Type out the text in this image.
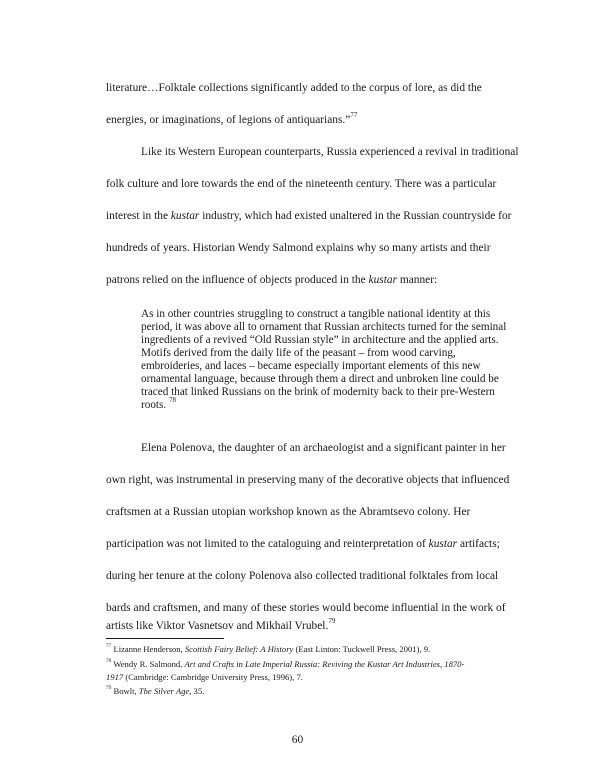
literature…Folktale collections significantly added to the corpus of lore, as did the
energies, or imaginations, of legions of antiquarians.”$^{77}$
Like its Western European counterparts, Russia experienced a revival in traditional
folk culture and lore towards the end of the nineteenth century. There was a particular
interest in the kustar industry, which had existed unaltered in the Russian countryside for
hundreds of years. Historian Wendy Salmond explains why so many artists and their
patrons relied on the influence of objects produced in the kustar manner:
As in other countries struggling to construct a tangible national identity at this
period, it was above all to ornament that Russian architects turned for the seminal
ingredients of a revived “Old Russian style” in architecture and the applied arts.
Motifs derived from the daily life of the peasant – from wood carving,
embroideries, and laces – became especially important elements of this new
ornamental language, because through them a direct and unbroken line could be
traced that linked Russians on the brink of modernity back to their pre-Western
roots. $^{78}$
Elena Polenova, the daughter of an archaeologist and a significant painter in her
own right, was instrumental in preserving many of the decorative objects that influenced
craftsmen at a Russian utopian workshop known as the Abramtsevo colony. Her
participation was not limited to the cataloguing and reinterpretation of kustar artifacts;
during her tenure at the colony Polenova also collected traditional folktales from local
bards and craftsmen, and many of these stories would become influential in the work of
artists like Viktor Vasnetsov and Mikhail Vrubel.$^{79}$
$^{77}$ Lizanne Henderson, Scottish Fairy Belief: A History (East Linton: Tuckwell Press, 2001), 9.
$^{78}$ Wendy R. Salmond, Art and Crafts in Late Imperial Russia: Reviving the Kustar Art Industries, 1870-
1917 (Cambridge: Cambridge University Press, 1996), 7.
$^{79}$ Bowlt, The Silver Age, 35.
60
